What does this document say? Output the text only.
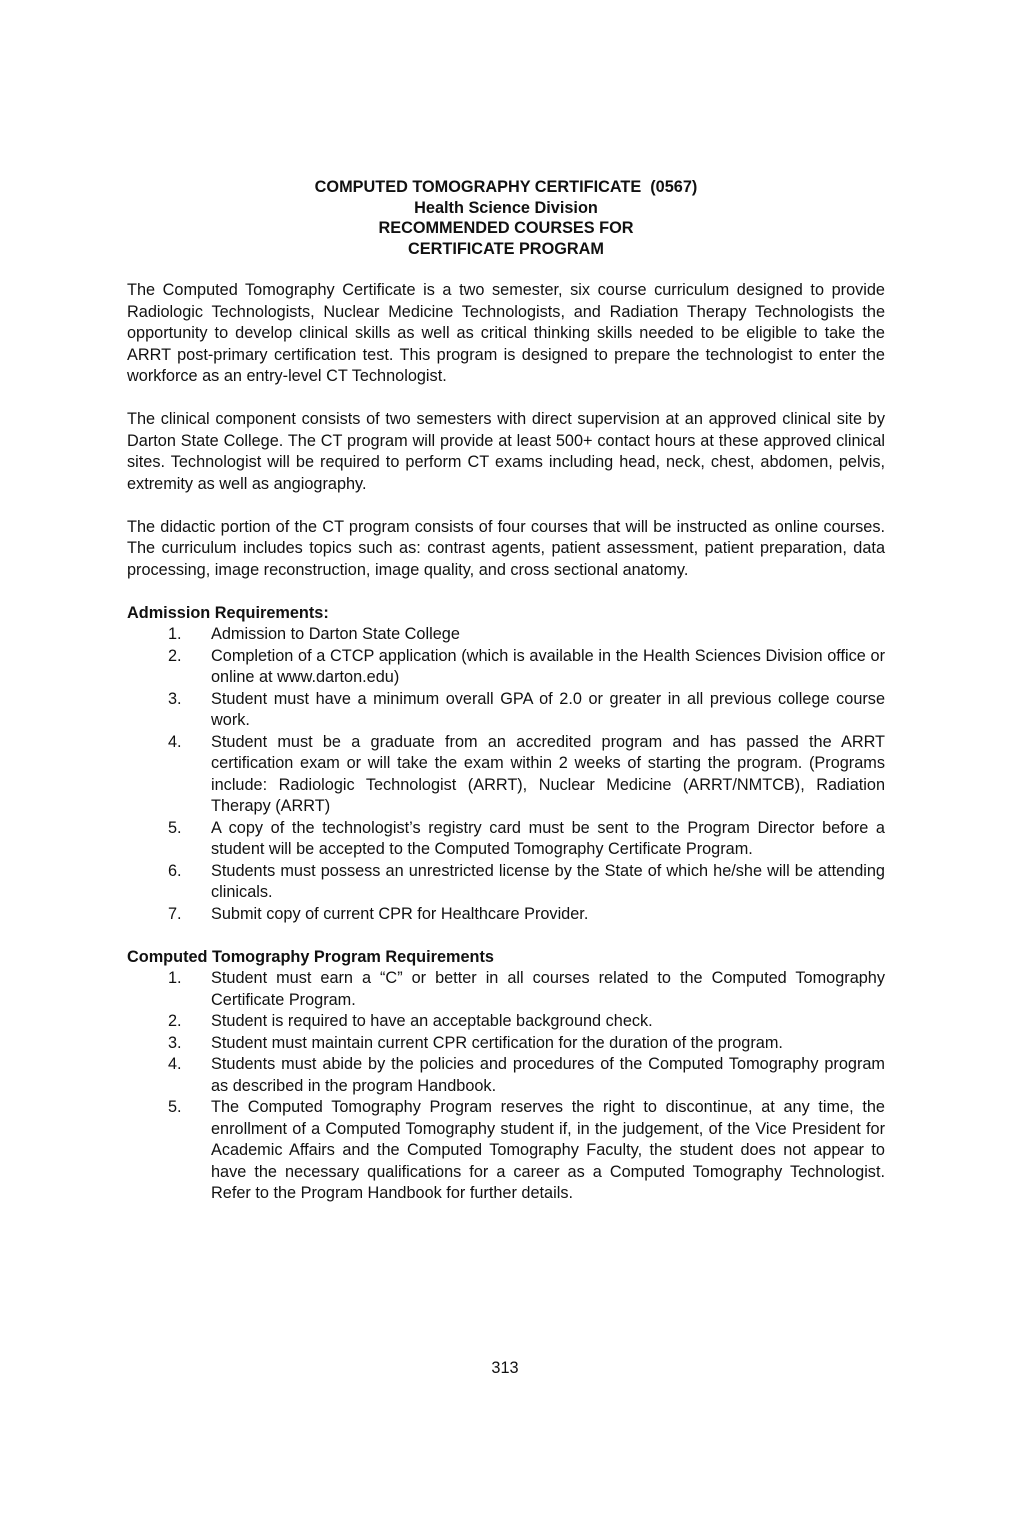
COMPUTED TOMOGRAPHY CERTIFICATE  (0567)
Health Science Division
RECOMMENDED COURSES FOR
CERTIFICATE PROGRAM

The Computed Tomography Certificate is a two semester, six course curriculum designed to provide Radiologic Technologists, Nuclear Medicine Technologists, and Radiation Therapy Technologists the opportunity to develop clinical skills as well as critical thinking skills needed to be eligible to take the ARRT post-primary certification test. This program is designed to prepare the technologist to enter the workforce as an entry-level CT Technologist.

The clinical component consists of two semesters with direct supervision at an approved clinical site by Darton State College. The CT program will provide at least 500+ contact hours at these approved clinical sites. Technologist will be required to perform CT exams including head, neck, chest, abdomen, pelvis, extremity as well as angiography.

The didactic portion of the CT program consists of four courses that will be instructed as online courses. The curriculum includes topics such as: contrast agents, patient assessment, patient preparation, data processing, image reconstruction, image quality, and cross sectional anatomy.

Admission Requirements:
1.	Admission to Darton State College
2.	Completion of a CTCP application (which is available in the Health Sciences Division office or online at www.darton.edu)
3.	Student must have a minimum overall GPA of 2.0 or greater in all previous college course work.
4.	Student must be a graduate from an accredited program and has passed the ARRT certification exam or will take the exam within 2 weeks of starting the program. (Programs include: Radiologic Technologist (ARRT), Nuclear Medicine (ARRT/NMTCB), Radiation Therapy (ARRT)
5.	A copy of the technologist’s registry card must be sent to the Program Director before a student will be accepted to the Computed Tomography Certificate Program.
6.	Students must possess an unrestricted license by the State of which he/she will be attending clinicals.
7.	Submit copy of current CPR for Healthcare Provider.
Computed Tomography Program Requirements
1.	Student must earn a “C” or better in all courses related to the Computed Tomography Certificate Program.
2.	Student is required to have an acceptable background check.
3.	Student must maintain current CPR certification for the duration of the program.
4.	Students must abide by the policies and procedures of the Computed Tomography program as described in the program Handbook.
5.	The Computed Tomography Program reserves the right to discontinue, at any time, the enrollment of a Computed Tomography student if, in the judgement, of the Vice President for Academic Affairs and the Computed Tomography Faculty, the student does not appear to have the necessary qualifications for a career as a Computed Tomography Technologist. Refer to the Program Handbook for further details.
313
